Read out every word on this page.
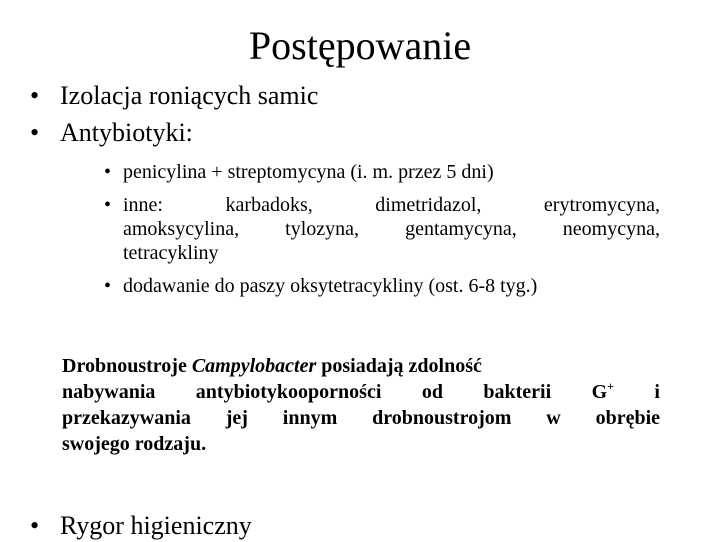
Postępowanie
• Izolacja roniących samic
• Antybiotyki:
• penicylina + streptomycyna (i. m. przez 5 dni)
• inne: karbadoks, dimetridazol, erytromycyna,
amoksycylina, tylozyna, gentamycyna, neomycyna,
tetracykliny
• dodawanie do paszy oksytetracykliny (ost. 6-8 tyg.)
Drobnoustroje Campylobacter posiadają zdolność
nabywania antybiotykooporności od bakterii G+ i
przekazywania jej innym drobnoustrojom w obrębie
swojego rodzaju.
• Rygor higieniczny
